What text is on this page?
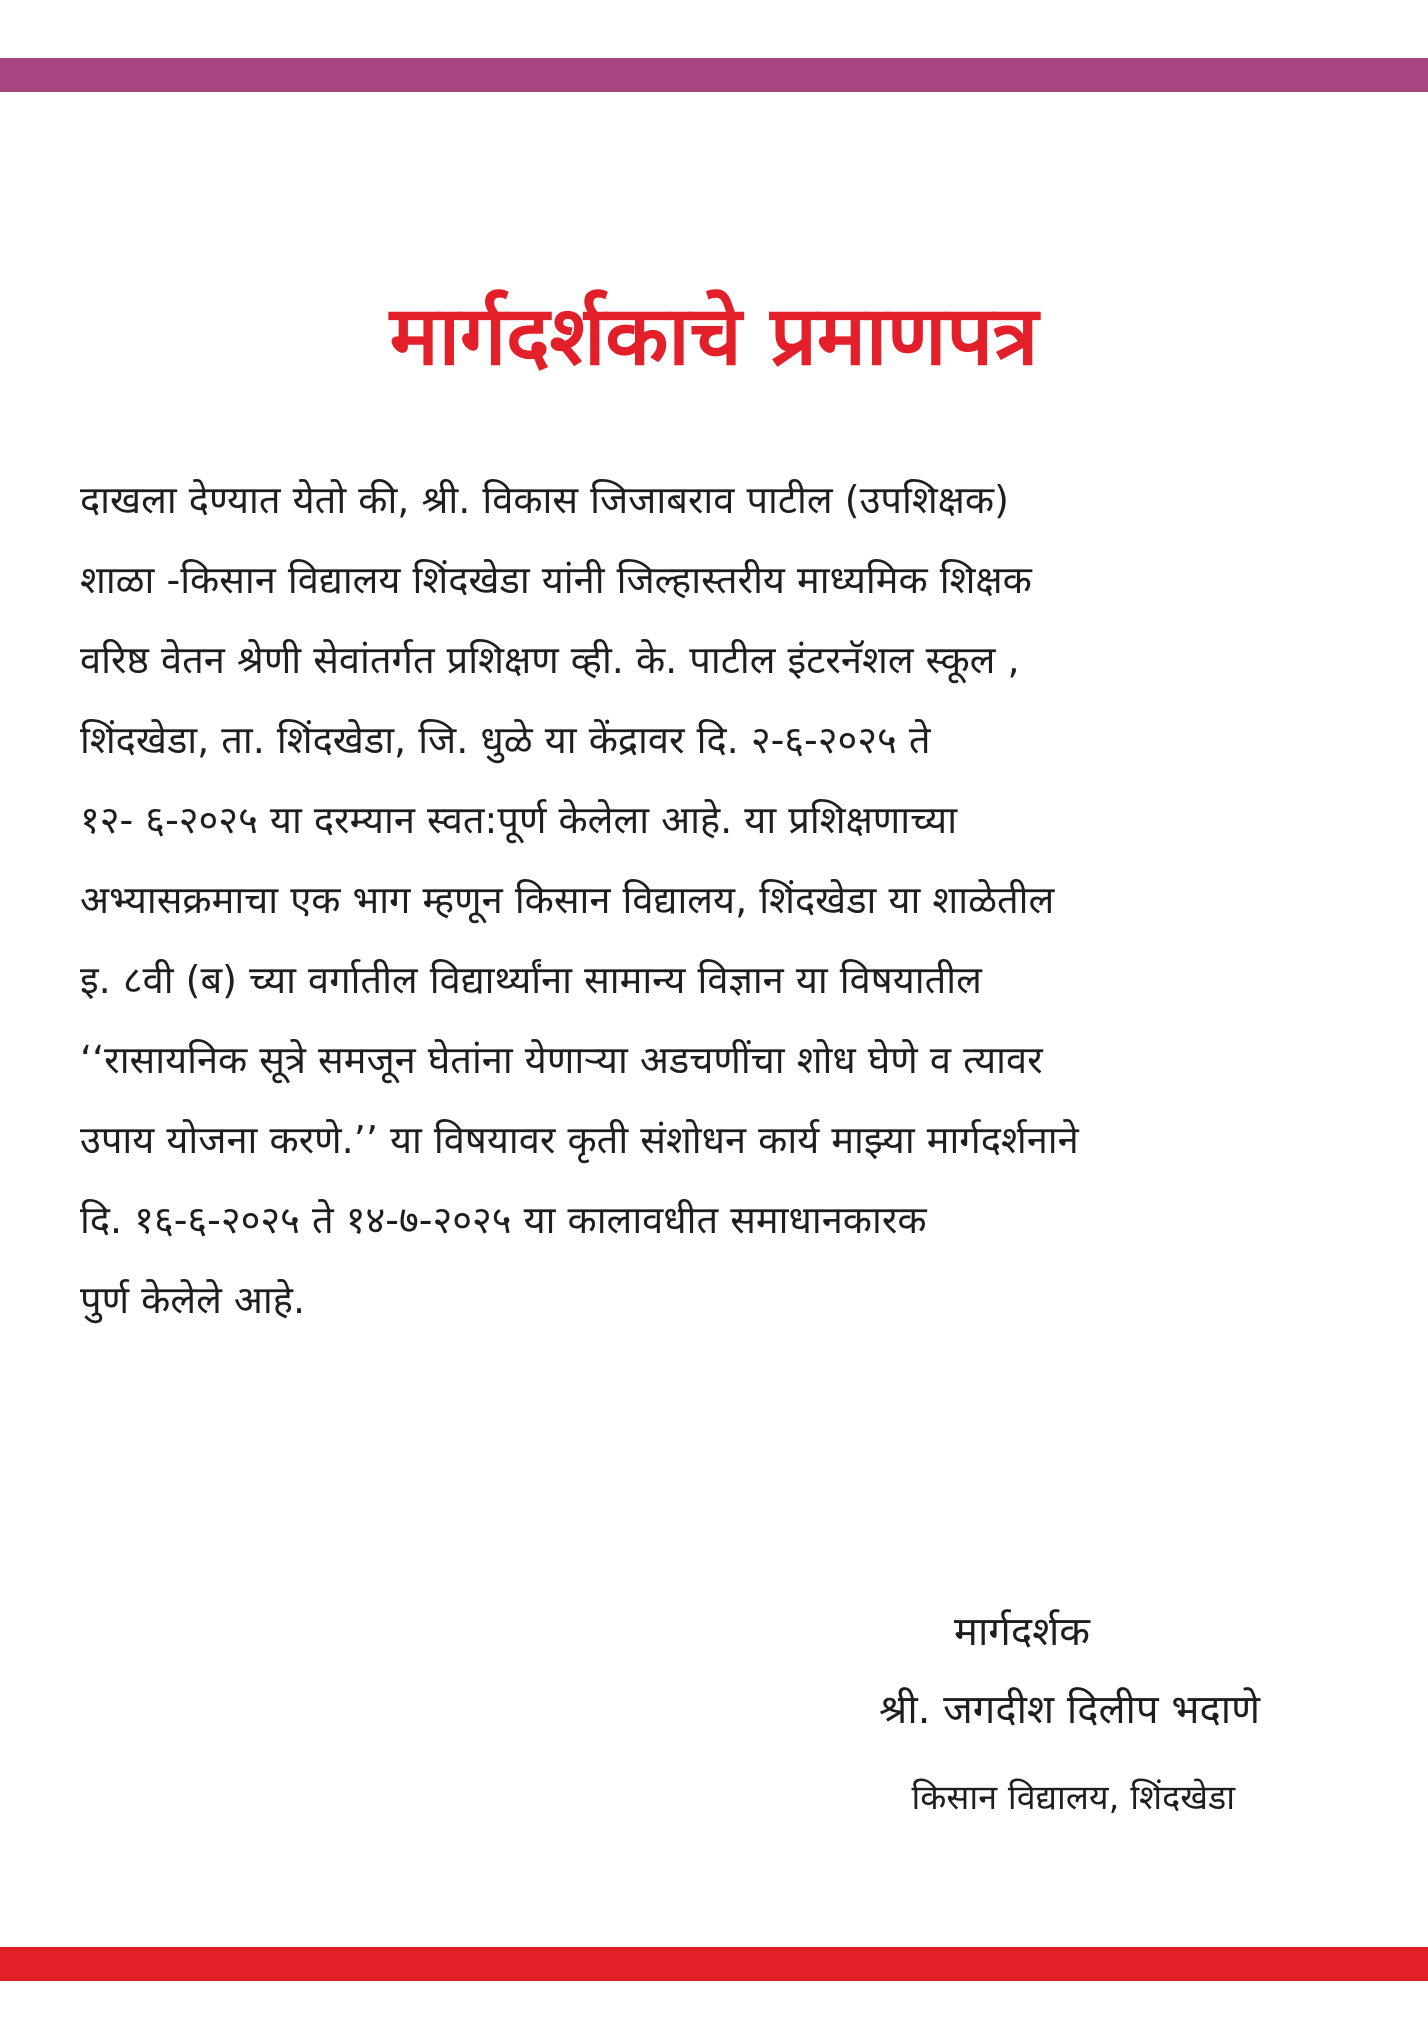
मार्गदर्शकाचे प्रमाणपत्र
दाखला देण्यात येतो की, श्री. विकास जिजाबराव पाटील (उपशिक्षक)
शाळा -किसान विद्यालय शिंदखेडा यांनी जिल्हास्तरीय माध्यमिक शिक्षक
वरिष्ठ वेतन श्रेणी सेवांतर्गत प्रशिक्षण व्ही. के. पाटील इंटरनॅशल स्कूल ,
शिंदखेडा, ता. शिंदखेडा, जि. धुळे या केंद्रावर दि. २-६-२०२५ ते
१२- ६-२०२५ या दरम्यान स्वत:पूर्ण केलेला आहे. या प्रशिक्षणाच्या
अभ्यासक्रमाचा एक भाग म्हणून किसान विद्यालय, शिंदखेडा या शाळेतील
इ. ८वी (ब) च्या वर्गातील विद्यार्थ्यांना सामान्य विज्ञान या विषयातील
‘‘रासायनिक सूत्रे समजून घेतांना येणाऱ्या अडचणींचा शोध घेणे व त्यावर
उपाय योजना करणे.’’ या विषयावर कृती संशोधन कार्य माझ्या मार्गदर्शनाने
दि. १६-६-२०२५ ते १४-७-२०२५ या कालावधीत समाधानकारक
पुर्ण केलेले आहे.
मार्गदर्शक
श्री. जगदीश दिलीप भदाणे
किसान विद्यालय, शिंदखेडा
